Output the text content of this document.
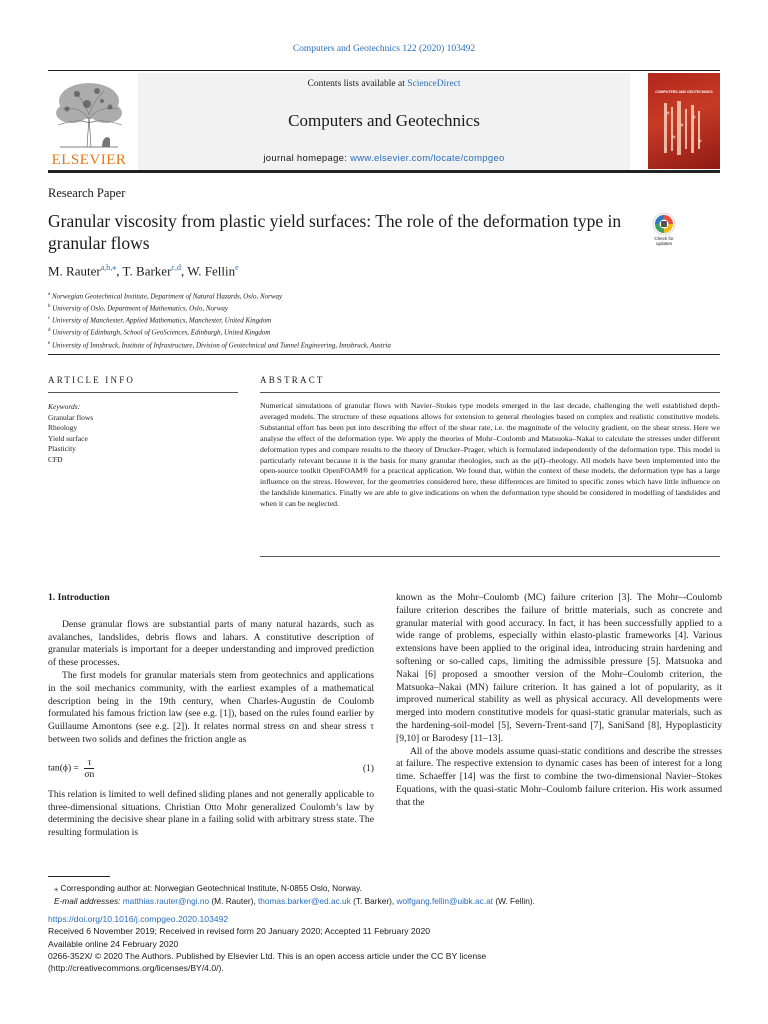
Computers and Geotechnics 122 (2020) 103492
ELSEVIER
Contents lists available at ScienceDirect
Computers and Geotechnics
journal homepage: www.elsevier.com/locate/compgeo
COMPUTERS AND GEOTECHNICS
Research Paper
Granular viscosity from plastic yield surfaces: The role of the deformation type in granular flows	Check for updates
M. Rauter$^{a,b,⁎}$, T. Barker$^{c,d}$, W. Fellin$^e$
$^a$ Norwegian Geotechnical Institute, Department of Natural Hazards, Oslo, Norway
$^b$ University of Oslo, Department of Mathematics, Oslo, Norway
$^c$ University of Manchester, Applied Mathematics, Manchester, United Kingdom
$^d$ University of Edinburgh, School of GeoSciences, Edinburgh, United Kingdom
$^e$ University of Innsbruck, Institute of Infrastructure, Division of Geotechnical and Tunnel Engineering, Innsbruck, Austria
ARTICLE INFO	ABSTRACT
Keywords:
Granular flows
Rheology
Yield surface
Plasticity
CFD
Numerical simulations of granular flows with Navier–Stokes type models emerged in the last decade, challenging the well established depth-averaged models. The structure of these equations allows for extension to general rheologies based on complex and realistic constitutive models. Substantial effort has been put into describing the effect of the shear rate, i.e. the magnitude of the velocity gradient, on the shear stress. Here we analyse the effect of the deformation type. We apply the theories of Mohr–Coulomb and Matsuoka–Nakai to calculate the stresses under different deformation types and compare results to the theory of Drucker–Prager, which is formulated independently of the deformation type. This model is particularly relevant because it is the basis for many granular rheologies, such as the μ(I)–rheology. All models have been implemented into the open-source toolkit OpenFOAM® for a practical application. We found that, within the context of these models, the deformation type has a large influence on the stress. However, for the geometries considered here, these differences are limited to specific zones which have little influence on the landslide kinematics. Finally we are able to give indications on when the deformation type should be considered in modelling of landslides and when it can be neglected.
1. Introduction

Dense granular flows are substantial parts of many natural hazards, such as avalanches, landslides, debris flows and lahars. A constitutive description of granular materials is important for a deeper understanding and improved prediction of these processes.

The first models for granular materials stem from geotechnics and applications in the soil mechanics community, with the earliest examples of a mathematical description being in the 19th century, when Charles-Augustin de Coulomb formulated his famous friction law (see e.g. [1]), based on the rules found earlier by Guillaume Amontons (see e.g. [2]). It relates normal stress σn and shear stress τ between two solids and defines the friction angle as

$\tan(\phi) = \frac{\tau}{\sigma n}$	(1)

This relation is limited to well defined sliding planes and not generally applicable to three-dimensional situations. Christian Otto Mohr generalized Coulomb’s law by determining the decisive shear plane in a failing solid with arbitrary stress state. The resulting formulation is

known as the Mohr–Coulomb (MC) failure criterion [3]. The Mohr–-Coulomb failure criterion describes the failure of brittle materials, such as concrete and granular material with good accuracy. In fact, it has been successfully applied to a wide range of problems, especially within elasto-plastic frameworks [4]. Various extensions have been applied to the original idea, introducing strain hardening and softening or so-called caps, limiting the admissible pressure [5]. Matsuoka and Nakai [6] proposed a smoother version of the Mohr–Coulomb criterion, the Matsuoka–Nakai (MN) failure criterion. It has gained a lot of popularity, as it improved numerical stability as well as physical accuracy. All developments were merged into modern constitutive models for quasi-static granular materials, such as the hardening-soil-model [5], Severn-Trent-sand [7], SaniSand [8], Hypoplasticity [9,10] or Barodesy [11–13].

All of the above models assume quasi-static conditions and describe the stresses at failure. The respective extension to dynamic cases has been of interest for a long time. Schaeffer [14] was the first to combine the two-dimensional Navier–Stokes Equations, with the quasi-static Mohr–Coulomb failure criterion. His work assumed that the

⁎ Corresponding author at: Norwegian Geotechnical Institute, N-0855 Oslo, Norway.
E-mail addresses: matthias.rauter@ngi.no (M. Rauter), thomas.barker@ed.ac.uk (T. Barker), wolfgang.fellin@uibk.ac.at (W. Fellin).
https://doi.org/10.1016/j.compgeo.2020.103492
Received 6 November 2019; Received in revised form 20 January 2020; Accepted 11 February 2020
Available online 24 February 2020
0266-352X/ © 2020 The Authors. Published by Elsevier Ltd. This is an open access article under the CC BY license
(http://creativecommons.org/licenses/BY/4.0/).
